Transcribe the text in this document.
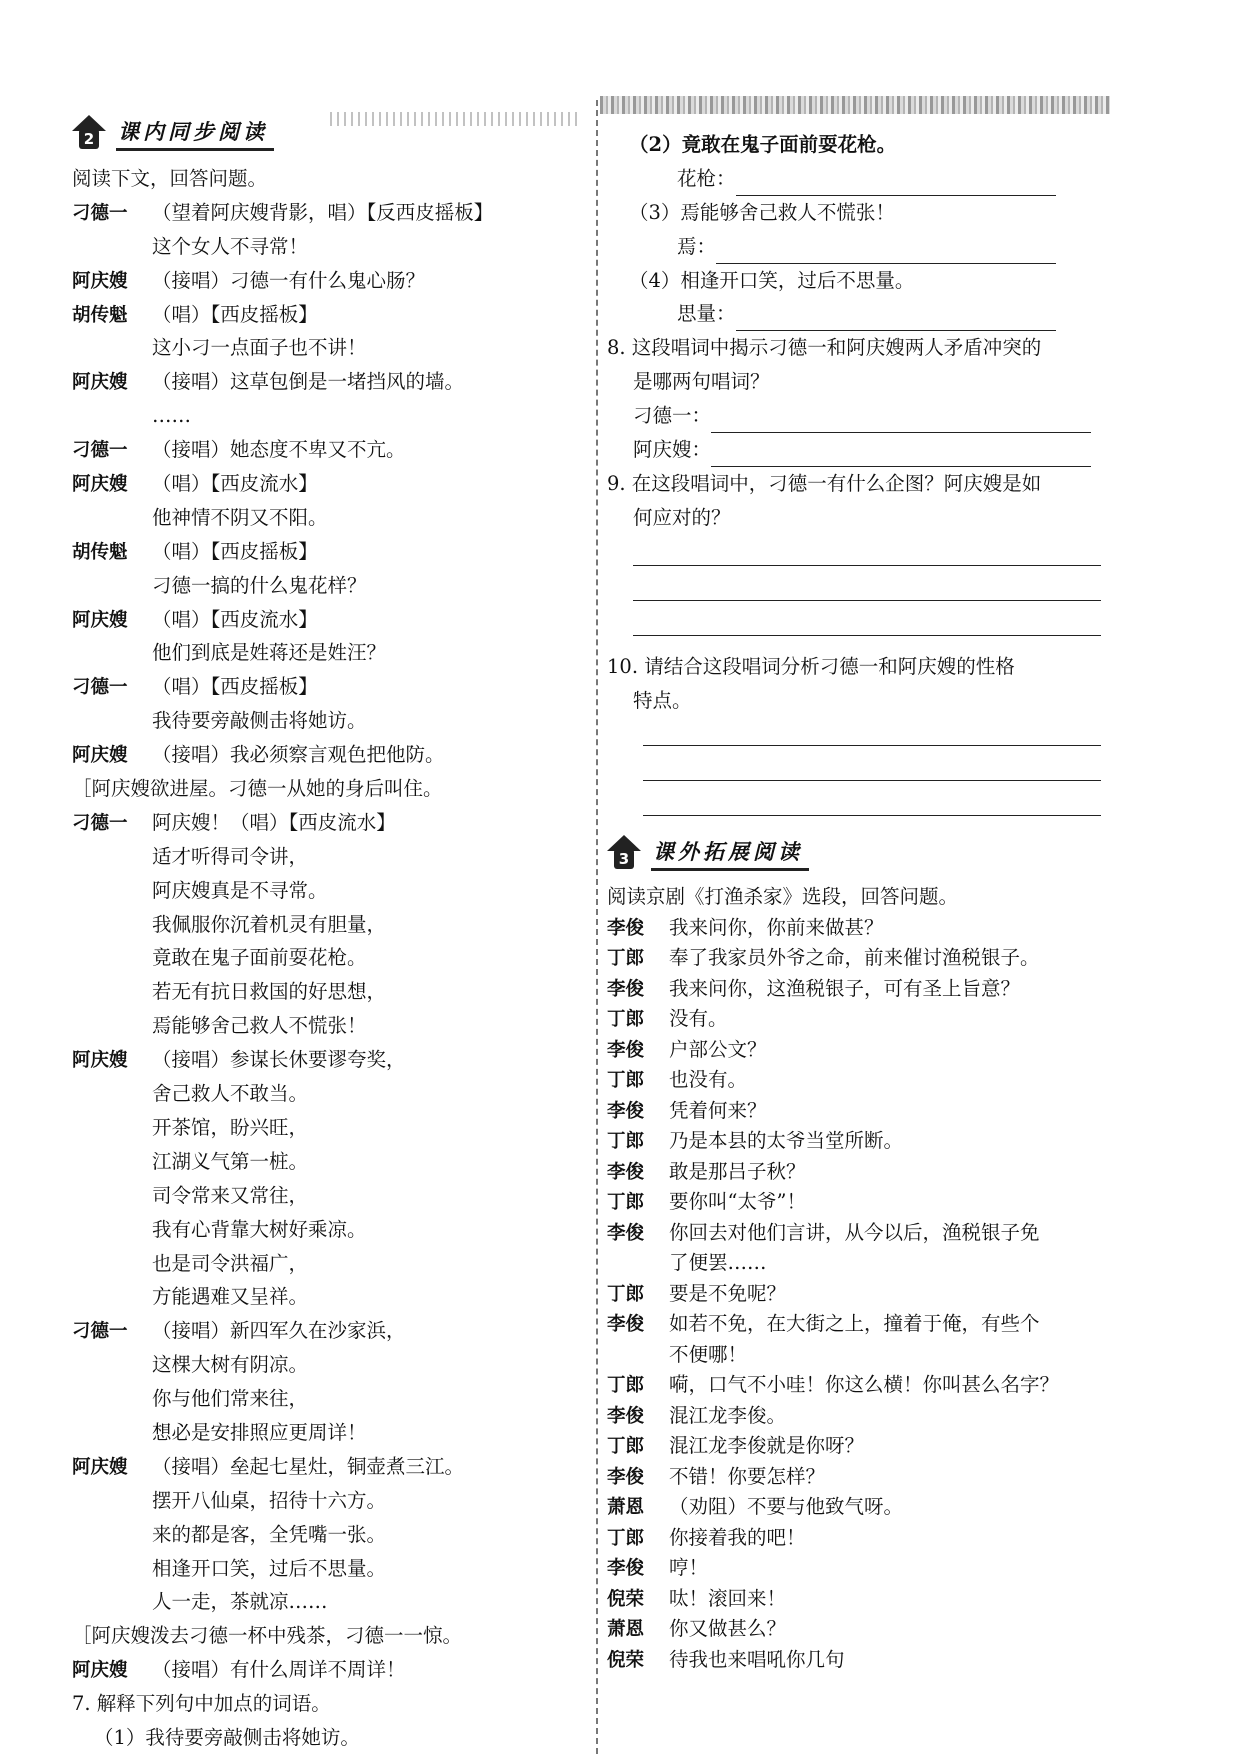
2 课内同步阅读
阅读下文，回答问题。
刁德一 （望着阿庆嫂背影，唱）【反西皮摇板】
这个女人不寻常！
阿庆嫂 （接唱）刁德一有什么鬼心肠？
胡传魁 （唱）【西皮摇板】
这小刁一点面子也不讲！
阿庆嫂 （接唱）这草包倒是一堵挡风的墙。
……
刁德一 （接唱）她态度不卑又不亢。
阿庆嫂 （唱）【西皮流水】
他神情不阴又不阳。
胡传魁 （唱）【西皮摇板】
刁德一搞的什么鬼花样？
阿庆嫂 （唱）【西皮流水】
他们到底是姓蒋还是姓汪？
刁德一 （唱）【西皮摇板】
我待要旁敲侧击将她访。
阿庆嫂 （接唱）我必须察言观色把他防。
［阿庆嫂欲进屋。刁德一从她的身后叫住。
刁德一 阿庆嫂！（唱）【西皮流水】
适才听得司令讲，
阿庆嫂真是不寻常。
我佩服你沉着机灵有胆量，
竟敢在鬼子面前耍花枪。
若无有抗日救国的好思想，
焉能够舍己救人不慌张！
阿庆嫂 （接唱）参谋长休要谬夸奖，
舍己救人不敢当。
开茶馆，盼兴旺，
江湖义气第一桩。
司令常来又常往，
我有心背靠大树好乘凉。
也是司令洪福广，
方能遇难又呈祥。
刁德一 （接唱）新四军久在沙家浜，
这棵大树有阴凉。
你与他们常来往，
想必是安排照应更周详！
阿庆嫂 （接唱）垒起七星灶，铜壶煮三江。
摆开八仙桌，招待十六方。
来的都是客，全凭嘴一张。
相逢开口笑，过后不思量。
人一走，茶就凉……
［阿庆嫂泼去刁德一杯中残茶，刁德一一惊。
阿庆嫂 （接唱）有什么周详不周详！
7. 解释下列句中加点的词语。
（1）我待要旁敲侧击将她访。
（2）竟敢在鬼子面前耍花枪。
花枪：
（3）焉能够舍己救人不慌张！
焉：
（4）相逢开口笑，过后不思量。
思量：
8. 这段唱词中揭示刁德一和阿庆嫂两人矛盾冲突的
是哪两句唱词？
刁德一：
阿庆嫂：
9. 在这段唱词中，刁德一有什么企图？阿庆嫂是如
何应对的？
10. 请结合这段唱词分析刁德一和阿庆嫂的性格
特点。
3 课外拓展阅读
阅读京剧《打渔杀家》选段，回答问题。
李俊 我来问你，你前来做甚？
丁郎 奉了我家员外爷之命，前来催讨渔税银子。
李俊 我来问你，这渔税银子，可有圣上旨意？
丁郎 没有。
李俊 户部公文？
丁郎 也没有。
李俊 凭着何来？
丁郎 乃是本县的太爷当堂所断。
李俊 敢是那吕子秋？
丁郎 要你叫“太爷”！
李俊 你回去对他们言讲，从今以后，渔税银子免
了便罢……
丁郎 要是不免呢？
李俊 如若不免，在大街之上，撞着于俺，有些个
不便哪！
丁郎 嗬，口气不小哇！你这么横！你叫甚么名字？
李俊 混江龙李俊。
丁郎 混江龙李俊就是你呀？
李俊 不错！你要怎样？
萧恩 （劝阻）不要与他致气呀。
丁郎 你接着我的吧！
李俊 哼！
倪荣 呔！滚回来！
萧恩 你又做甚么？
倪荣 待我也来唱吼你几句
